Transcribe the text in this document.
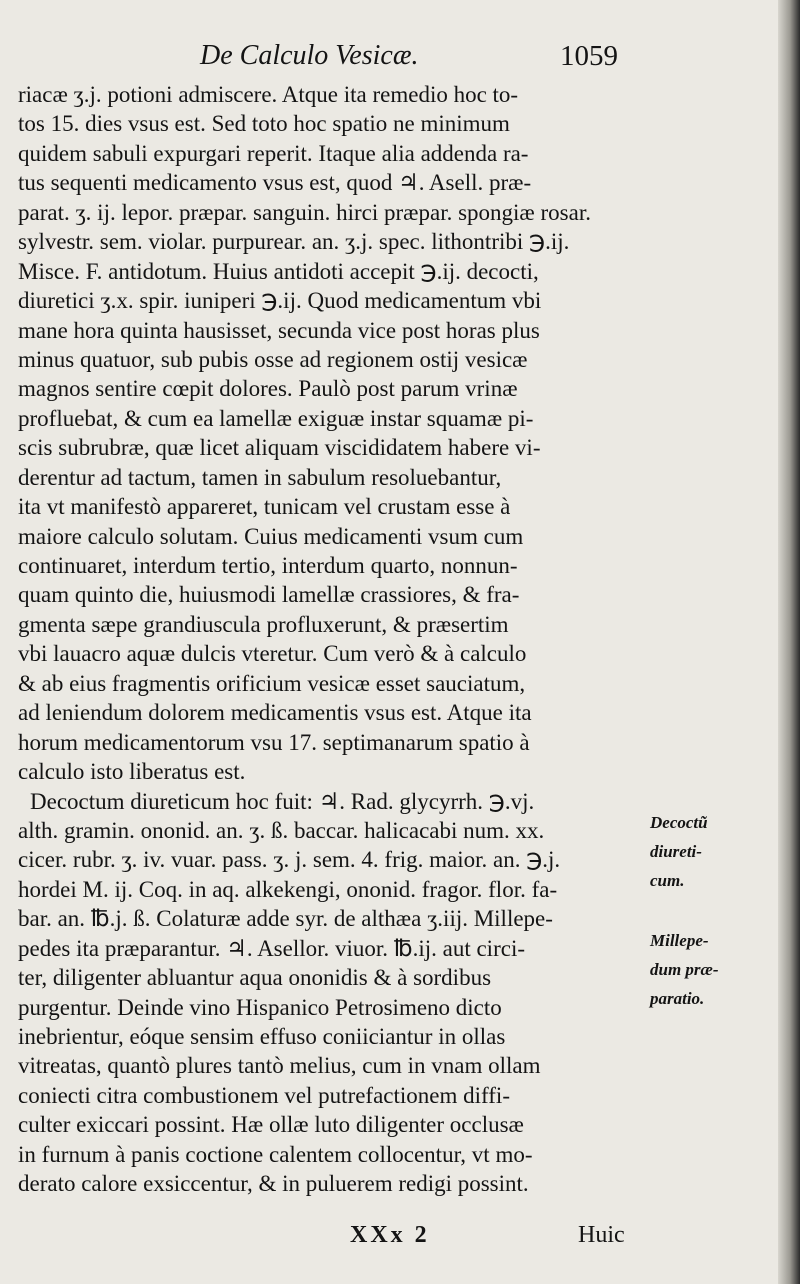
De Calculo Vesicæ.	1059
riacæ ʒ.j. potioni admiscere. Atque ita remedio hoc to-
tos 15. dies vsus est. Sed toto hoc spatio ne minimum
quidem sabuli expurgari reperit. Itaque alia addenda ra-
tus sequenti medicamento vsus est, quod ♃. Asell. præ-
parat. ʒ. ij. lepor. præpar. sanguin. hirci præpar. spongiæ rosar.
sylvestr. sem. violar. purpurear. an. ʒ.j. spec. lithontribi ℈.ij.
Misce. F. antidotum. Huius antidoti accepit ℈.ij. decocti,
diuretici ʒ.x. spir. iuniperi ℈.ij. Quod medicamentum vbi
mane hora quinta hausisset, secunda vice post horas plus
minus quatuor, sub pubis osse ad regionem ostij vesicæ
magnos sentire cœpit dolores. Paulò post parum vrinæ
profluebat, & cum ea lamellæ exiguæ instar squamæ pi-
scis subrubræ, quæ licet aliquam viscididatem habere vi-
derentur ad tactum, tamen in sabulum resoluebantur,
ita vt manifestò appareret, tunicam vel crustam esse à
maiore calculo solutam. Cuius medicamenti vsum cum
continuaret, interdum tertio, interdum quarto, nonnun-
quam quinto die, huiusmodi lamellæ crassiores, & fra-
gmenta sæpe grandiuscula profluxerunt, & præsertim
vbi lauacro aquæ dulcis vteretur. Cum verò & à calculo
& ab eius fragmentis orificium vesicæ esset sauciatum,
ad leniendum dolorem medicamentis vsus est. Atque ita
horum medicamentorum vsu 17. septimanarum spatio à
calculo isto liberatus est.
Decoctum diureticum hoc fuit: ♃. Rad. glycyrrh. ℈.vj.
alth. gramin. ononid. an. ʒ. ß. baccar. halicacabi num. xx.
cicer. rubr. ʒ. iv. vuar. pass. ʒ. j. sem. 4. frig. maior. an. ℈.j.
hordei M. ij. Coq. in aq. alkekengi, ononid. fragor. flor. fa-
bar. an. ℔.j. ß. Colaturæ adde syr. de althæa ʒ.iij. Millepe-
pedes ita præparantur. ♃. Asellor. viuor. ℔.ij. aut circi-
ter, diligenter abluantur aqua ononidis & à sordibus
purgentur. Deinde vino Hispanico Petrosimeno dicto
inebrientur, eóque sensim effuso coniiciantur in ollas
vitreatas, quantò plures tantò melius, cum in vnam ollam
coniecti citra combustionem vel putrefactionem diffi-
culter exiccari possint. Hæ ollæ luto diligenter occlusæ
in furnum à panis coctione calentem collocentur, vt mo-
derato calore exsiccentur, & in puluerem redigi possint.
Decoctũ
diureti-
cum.
Millepe-
dum præ-
paratio.
XXx 2	Huic
